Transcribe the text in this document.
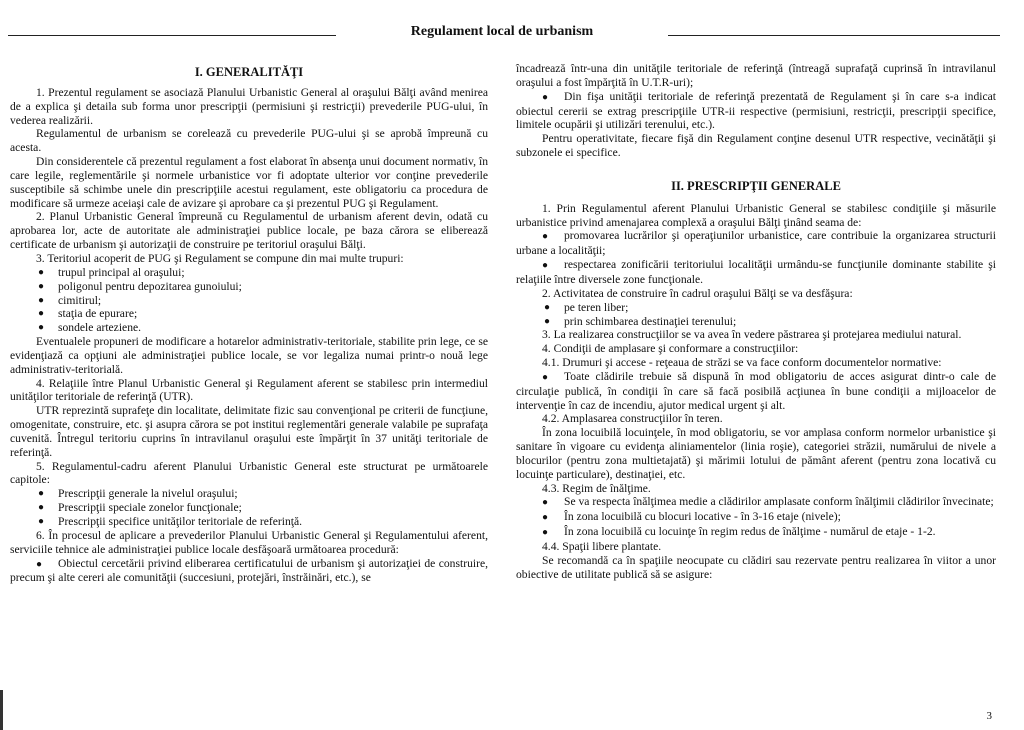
Regulament local de urbanism

I. GENERALITĂŢI

1. Prezentul regulament se asociază Planului Urbanistic General al oraşului Bălţi având menirea de a explica şi detaila sub forma unor prescripţii (permisiuni şi restricţii) prevederile PUG-ului, în vederea realizării.

Regulamentul de urbanism se corelează cu prevederile PUG-ului şi se aprobă împreună cu acesta.

Din considerentele că prezentul regulament a fost elaborat în absenţa unui document normativ, în care legile, reglementările şi normele urbanistice vor fi adoptate ulterior vor conţine prevederile susceptibile să schimbe unele din prescripţiile acestui regulament, este obligatoriu ca procedura de modificare să urmeze aceiaşi cale de avizare şi aprobare ca şi prezentul PUG şi Regulament.

2. Planul Urbanistic General împreună cu Regulamentul de urbanism aferent devin, odată cu aprobarea lor, acte de autoritate ale administraţiei publice locale, pe baza cărora se eliberează certificate de urbanism şi autorizaţii de construire pe teritoriul oraşului Bălţi.

3. Teritoriul acoperit de PUG şi Regulament se compune din mai multe trupuri:

●	trupul principal al oraşului;
●	poligonul pentru depozitarea gunoiului;
●	cimitirul;
●	staţia de epurare;
●	sondele arteziene.

Eventualele propuneri de modificare a hotarelor administrativ-teritoriale, stabilite prin lege, ce se evidenţiază ca opţiuni ale administraţiei publice locale, se vor legaliza numai printr-o nouă lege administrativ-teritorială.

4. Relaţiile între Planul Urbanistic General şi Regulament aferent se stabilesc prin intermediul unităţilor teritoriale de referinţă (UTR).

UTR reprezintă suprafeţe din localitate, delimitate fizic sau convenţional pe criterii de funcţiune, omogenitate, construire, etc. şi asupra cărora se pot institui reglementări generale valabile pe suprafaţa cuvenită. Întregul teritoriu cuprins în intravilanul oraşului este împărţit în 37 unităţi teritoriale de referinţă.

5. Regulamentul-cadru aferent Planului Urbanistic General este structurat pe următoarele capitole:

●	Prescripţii generale la nivelul oraşului;
●	Prescripţii speciale zonelor funcţionale;
●	Prescripţii specifice unităţilor teritoriale de referinţă.

6. În procesul de aplicare a prevederilor Planului Urbanistic General şi Regulamentului aferent, serviciile tehnice ale administraţiei publice locale desfăşoară următoarea procedură:

● Obiectul cercetării privind eliberarea certificatului de urbanism şi autorizaţiei de construire, precum şi alte cereri ale comunităţii (succesiuni, protejări, înstrăinări, etc.), se

încadrează într-una din unităţile teritoriale de referinţă (întreagă suprafaţă cuprinsă în intravilanul oraşului a fost împărţită în U.T.R-uri);

● Din fişa unităţii teritoriale de referinţă prezentată de Regulament şi în care s-a indicat obiectul cererii se extrag prescripţiile UTR-ii respective (permisiuni, restricţii, prescripţii specifice, limitele ocupării şi utilizări terenului, etc.).

Pentru operativitate, fiecare fişă din Regulament conţine desenul UTR respective, vecinătăţii şi subzonele ei specifice.

II. PRESCRIPŢII GENERALE

1. Prin Regulamentul aferent Planului Urbanistic General se stabilesc condiţiile şi măsurile urbanistice privind amenajarea complexă a oraşului Bălţi ţinând seama de:

● promovarea lucrărilor şi operaţiunilor urbanistice, care contribuie la organizarea structurii urbane a localităţii;
● respectarea zonificării teritoriului localităţii urmându-se funcţiunile dominante stabilite şi relaţiile între diversele zone funcţionale.

2. Activitatea de construire în cadrul oraşului Bălţi se va desfăşura:

●	pe teren liber;
●	prin schimbarea destinaţiei terenului;

3. La realizarea construcţiilor se va avea în vedere păstrarea şi protejarea mediului natural.

4. Condiţii de amplasare şi conformare a construcţiilor:

4.1. Drumuri şi accese - reţeaua de străzi se va face conform documentelor normative:

● Toate clădirile trebuie să dispună în mod obligatoriu de acces asigurat dintr-o cale de circulaţie publică, în condiţii în care să facă posibilă acţiunea în bune condiţii a mijloacelor de intervenţie în caz de incendiu, ajutor medical urgent şi alt.

4.2. Amplasarea construcţiilor în teren.

În zona locuibilă locuinţele, în mod obligatoriu, se vor amplasa conform normelor urbanistice şi sanitare în vigoare cu evidenţa aliniamentelor (linia roşie), categoriei străzii, numărului de nivele a blocurilor (pentru zona multietajată) şi mărimii lotului de pământ aferent (pentru zona locativă cu locuinţe particulare), destinaţiei, etc.

4.3. Regim de înălţime.

● Se va respecta înălţimea medie a clădirilor amplasate conform înălţimii clădirilor învecinate;
● În zona locuibilă cu blocuri locative - în 3-16 etaje (nivele);
● În zona locuibilă cu locuinţe în regim redus de înălţime - numărul de etaje - 1-2.

4.4. Spaţii libere plantate.

Se recomandă ca în spaţiile neocupate cu clădiri sau rezervate pentru realizarea în viitor a unor obiective de utilitate publică să se asigure:

3
